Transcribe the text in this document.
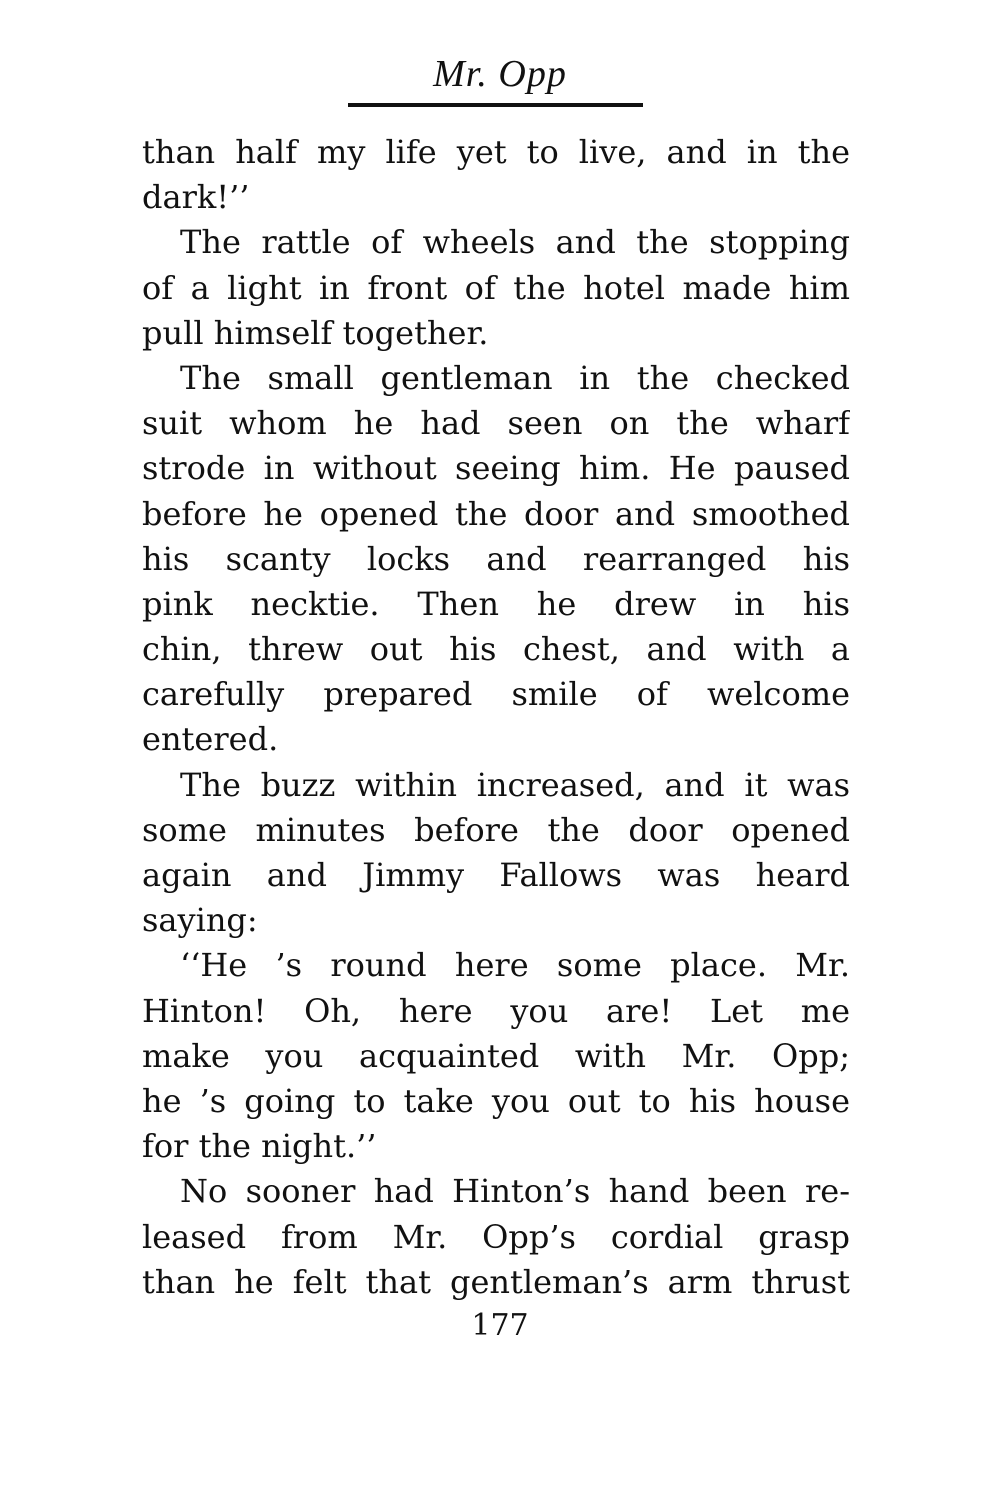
Mr. Opp
than half my life yet to live, and in the
dark!’’
The rattle of wheels and the stopping
of a light in front of the hotel made him
pull himself together.
The small gentleman in the checked
suit whom he had seen on the wharf
strode in without seeing him. He paused
before he opened the door and smoothed
his scanty locks and rearranged his
pink necktie. Then he drew in his
chin, threw out his chest, and with a
carefully prepared smile of welcome
entered.
The buzz within increased, and it was
some minutes before the door opened
again and Jimmy Fallows was heard
saying:
‘‘He ’s round here some place. Mr.
Hinton! Oh, here you are! Let me
make you acquainted with Mr. Opp;
he ’s going to take you out to his house
for the night.’’
No sooner had Hinton’s hand been re-
leased from Mr. Opp’s cordial grasp
than he felt that gentleman’s arm thrust
177
